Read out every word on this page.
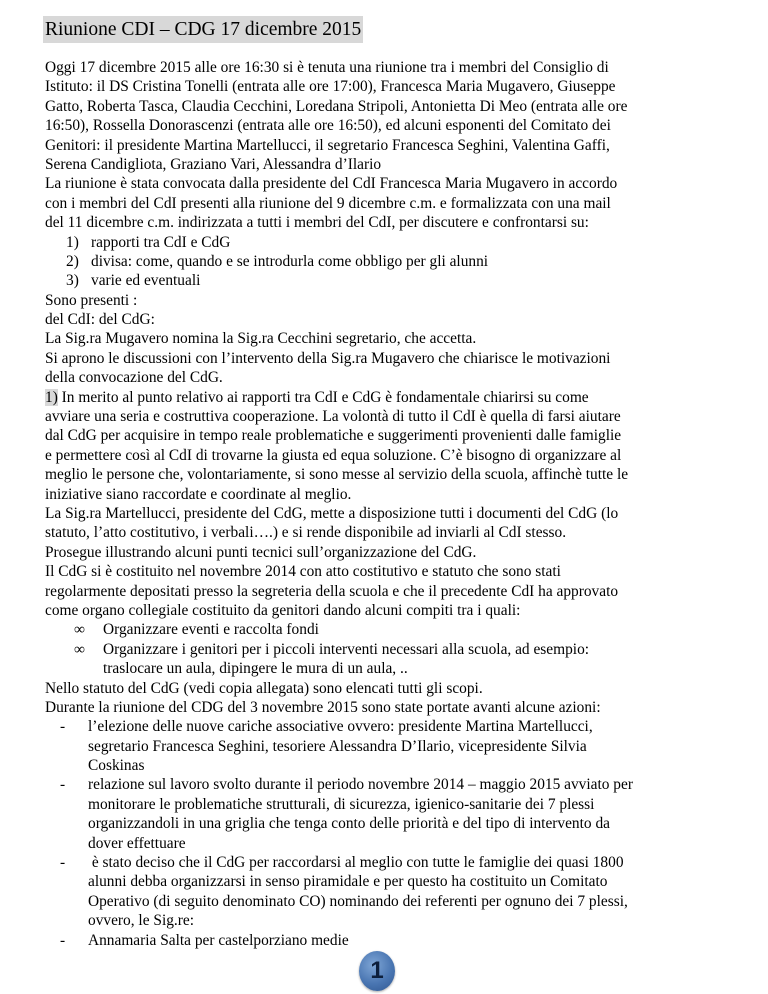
Riunione CDI – CDG 17 dicembre 2015
Oggi 17 dicembre 2015 alle ore 16:30 si è tenuta una riunione tra i membri del Consiglio di
Istituto: il DS Cristina Tonelli (entrata alle ore 17:00), Francesca Maria Mugavero, Giuseppe
Gatto, Roberta Tasca, Claudia Cecchini, Loredana Stripoli, Antonietta Di Meo (entrata alle ore
16:50), Rossella Donorascenzi (entrata alle ore 16:50), ed alcuni esponenti del Comitato dei
Genitori: il presidente Martina Martellucci, il segretario Francesca Seghini, Valentina Gaffi,
Serena Candigliota, Graziano Vari, Alessandra d’Ilario
La riunione è stata convocata dalla presidente del CdI Francesca Maria Mugavero in accordo
con i membri del CdI presenti alla riunione del 9 dicembre c.m. e formalizzata con una mail
del 11 dicembre c.m. indirizzata a tutti i membri del CdI, per discutere e confrontarsi su:
1) rapporti tra CdI e CdG
2) divisa: come, quando e se introdurla come obbligo per gli alunni
3) varie ed eventuali
Sono presenti :
del CdI: del CdG:
La Sig.ra Mugavero nomina la Sig.ra Cecchini segretario, che accetta.
Si aprono le discussioni con l’intervento della Sig.ra Mugavero che chiarisce le motivazioni
della convocazione del CdG.
1) In merito al punto relativo ai rapporti tra CdI e CdG è fondamentale chiarirsi su come
avviare una seria e costruttiva cooperazione. La volontà di tutto il CdI è quella di farsi aiutare
dal CdG per acquisire in tempo reale problematiche e suggerimenti provenienti dalle famiglie
e permettere così al CdI di trovarne la giusta ed equa soluzione. C’è bisogno di organizzare al
meglio le persone che, volontariamente, si sono messe al servizio della scuola, affinchè tutte le
iniziative siano raccordate e coordinate al meglio.
La Sig.ra Martellucci, presidente del CdG, mette a disposizione tutti i documenti del CdG (lo
statuto, l’atto costitutivo, i verbali….) e si rende disponibile ad inviarli al CdI stesso.
Prosegue illustrando alcuni punti tecnici sull’organizzazione del CdG.
Il CdG si è costituito nel novembre 2014 con atto costitutivo e statuto che sono stati
regolarmente depositati presso la segreteria della scuola e che il precedente CdI ha approvato
come organo collegiale costituito da genitori dando alcuni compiti tra i quali:
∞ Organizzare eventi e raccolta fondi
∞ Organizzare i genitori per i piccoli interventi necessari alla scuola, ad esempio:
traslocare un aula, dipingere le mura di un aula, ..
Nello statuto del CdG (vedi copia allegata) sono elencati tutti gli scopi.
Durante la riunione del CDG del 3 novembre 2015 sono state portate avanti alcune azioni:
- l’elezione delle nuove cariche associative ovvero: presidente Martina Martellucci,
segretario Francesca Seghini, tesoriere Alessandra D’Ilario, vicepresidente Silvia
Coskinas
- relazione sul lavoro svolto durante il periodo novembre 2014 – maggio 2015 avviato per
monitorare le problematiche strutturali, di sicurezza, igienico-sanitarie dei 7 plessi
organizzandoli in una griglia che tenga conto delle priorità e del tipo di intervento da
dover effettuare
- è stato deciso che il CdG per raccordarsi al meglio con tutte le famiglie dei quasi 1800
alunni debba organizzarsi in senso piramidale e per questo ha costituito un Comitato
Operativo (di seguito denominato CO) nominando dei referenti per ognuno dei 7 plessi,
ovvero, le Sig.re:
- Annamaria Salta per castelporziano medie
1
